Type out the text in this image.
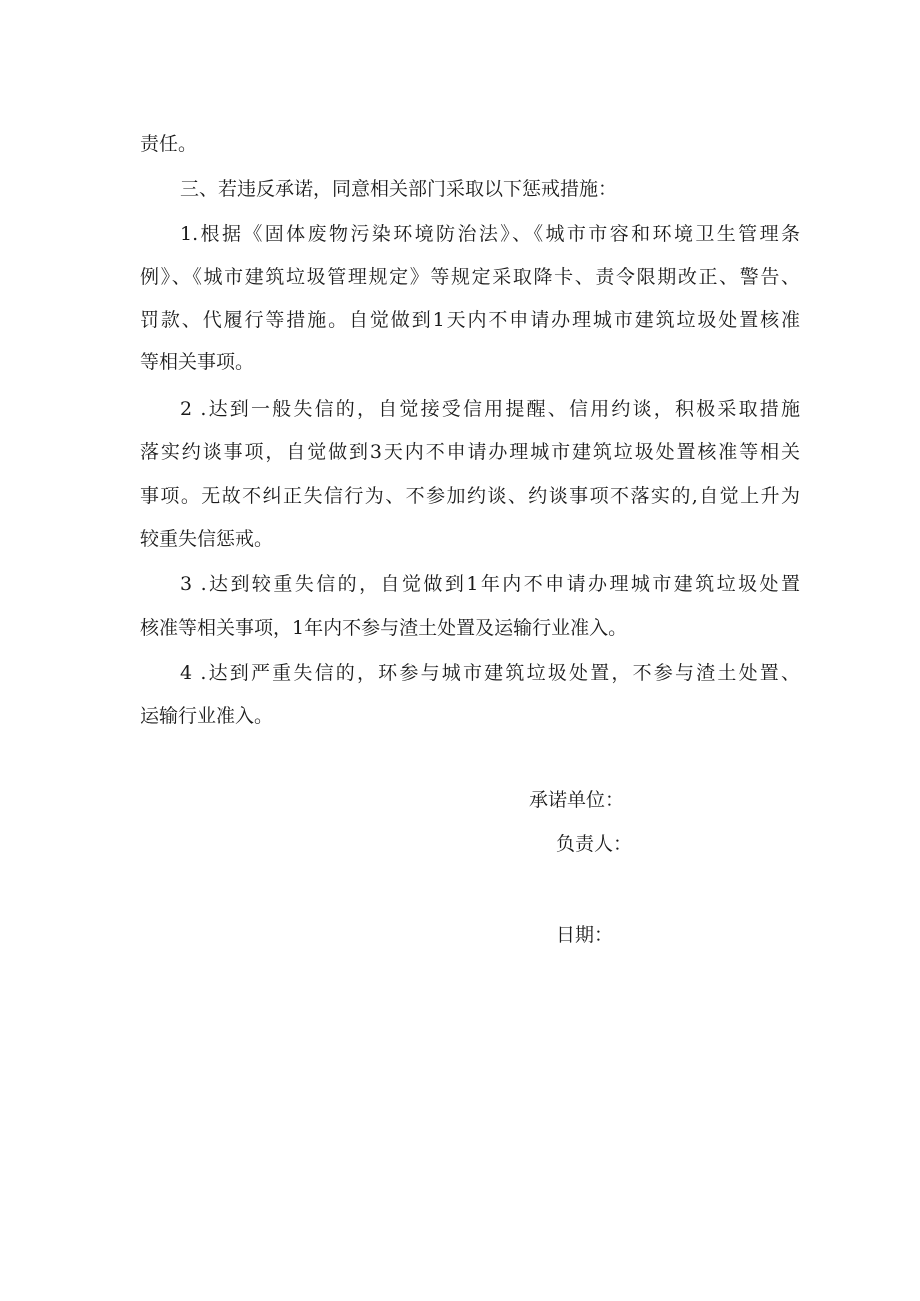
责任。
三、若违反承诺，同意相关部门采取以下惩戒措施：
1.根据《固体废物污染环境防治法》、《城市市容和环境卫生管理条
例》、《城市建筑垃圾管理规定》等规定采取降卡、责令限期改正、警告、
罚款、代履行等措施。自觉做到1天内不申请办理城市建筑垃圾处置核准
等相关事项。
2 .达到一般失信的，自觉接受信用提醒、信用约谈，积极采取措施
落实约谈事项，自觉做到3天内不申请办理城市建筑垃圾处置核准等相关
事项。无故不纠正失信行为、不参加约谈、约谈事项不落实的,自觉上升为
较重失信惩戒。
3 .达到较重失信的，自觉做到1年内不申请办理城市建筑垃圾处置
核准等相关事项，1年内不参与渣土处置及运输行业准入。
4 .达到严重失信的，环参与城市建筑垃圾处置，不参与渣土处置、
运输行业准入。
承诺单位：
负责人：
日期：
